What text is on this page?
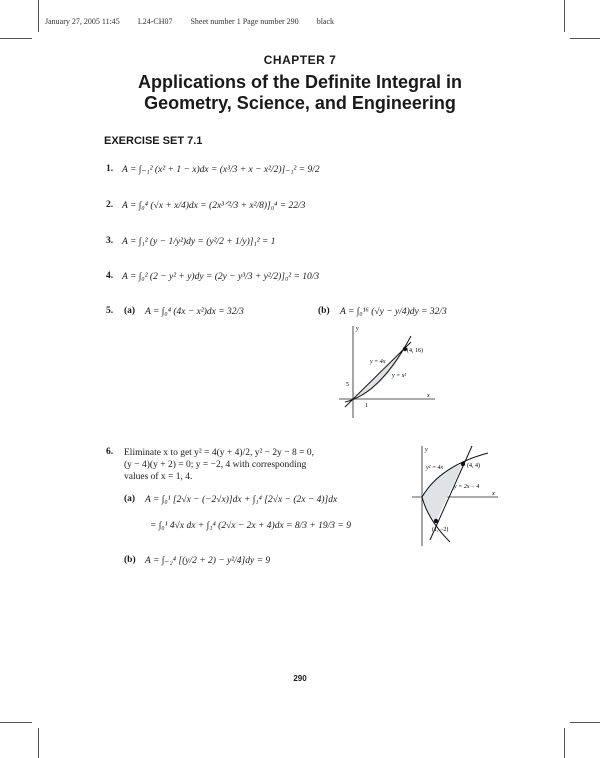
January 27, 2005 11:45 L24-CH07 Sheet number 1 Page number 290 black
CHAPTER 7
Applications of the Definite Integral in
Geometry, Science, and Engineering
EXERCISE SET 7.1
1. A = ∫₋₁² (x² + 1 − x)dx = (x³/3 + x − x²/2)]₋₁² = 9/2
2. A = ∫₀⁴ (√x + x/4)dx = (2x³ᐟ²/3 + x²/8)]₀⁴ = 22/3
3. A = ∫₁² (y − 1/y²)dy = (y²/2 + 1/y)]₁² = 1
4. A = ∫₀² (2 − y² + y)dy = (2y − y³/3 + y²/2)]₀² = 10/3
5. (a) A = ∫₀⁴ (4x − x²)dx = 32/3	(b) A = ∫₀¹⁶ (√y − y/4)dy = 32/3
(4, 16)
y = 4x
y = x²
y
x
5
1
6. Eliminate x to get y² = 4(y + 4)/2, y² − 2y − 8 = 0,
(y − 4)(y + 2) = 0; y = −2, 4 with corresponding
values of x = 1, 4.
(a) A = ∫₀¹ [2√x − (−2√x)]dx + ∫₁⁴ [2√x − (2x − 4)]dx
= ∫₀¹ 4√x dx + ∫₁⁴ (2√x − 2x + 4)dx = 8/3 + 19/3 = 9
(b) A = ∫₋₂⁴ [(y/2 + 2) − y²/4]dy = 9
y
x
y² = 4x	(4, 4)
y = 2x − 4
(1, −2)
290
